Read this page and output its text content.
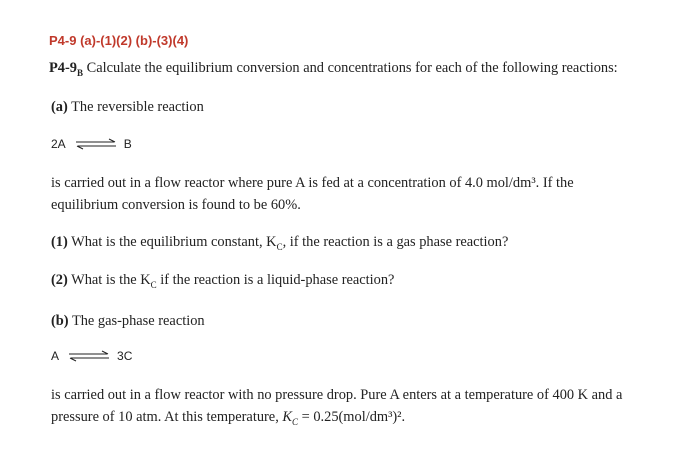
P4-9 (a)-(1)(2) (b)-(3)(4)
$P4-9_B$ Calculate the equilibrium conversion and concentrations for each of the following reactions:
(a) The reversible reaction
2A ⇌ B
is carried out in a flow reactor where pure A is fed at a concentration of 4.0 mol/dm³. If the
equilibrium conversion is found to be 60%.
(1) What is the equilibrium constant, $K_C$, if the reaction is a gas phase reaction?
(2) What is the $K_C$ if the reaction is a liquid-phase reaction?
(b) The gas-phase reaction
A ⇌ 3C
is carried out in a flow reactor with no pressure drop. Pure A enters at a temperature of 400 K and a
pressure of 10 atm. At this temperature, $K_C = 0.25(mol/dm^3)^2$.
